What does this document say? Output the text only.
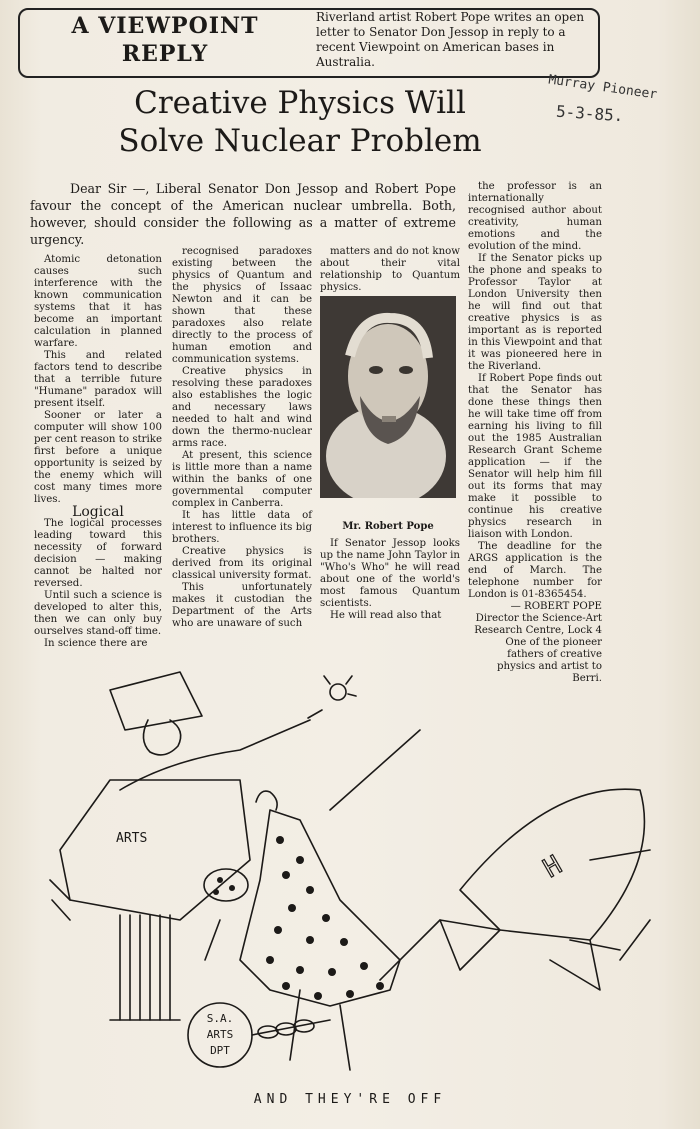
A VIEWPOINT
REPLY
Riverland artist Robert Pope writes an open letter to Senator Don Jessop in reply to a recent Viewpoint on American bases in Australia.
Murray Pioneer
5-3-85.
Creative Physics Will
Solve Nuclear Problem
Dear Sir —, Liberal Senator Don Jessop and Robert Pope favour the concept of the American nuclear umbrella. Both, however, should consider the following as a matter of extreme urgency.

Atomic detonation causes such interference with the known communication systems that it has become an important calculation in planned warfare.

This and related factors tend to describe that a terrible future "Humane" paradox will present itself.

Sooner or later a computer will show 100 per cent reason to strike first before a unique opportunity is seized by the enemy which will cost many times more lives.

Logical

The logical processes leading toward this necessity of forward decision — making cannot be halted nor reversed.

Until such a science is developed to alter this, then we can only buy ourselves stand-off time.

In science there are

recognised paradoxes existing between the physics of Quantum and the physics of Issaac Newton and it can be shown that these paradoxes also relate directly to the process of human emotion and communication systems.

Creative physics in resolving these paradoxes also establishes the logic and necessary laws needed to halt and wind down the thermo-nuclear arms race.

At present, this science is little more than a name within the banks of one governmental computer complex in Canberra.

It has little data of interest to influence its big brothers.

Creative physics is derived from its original classical university format.

This unfortunately makes it custodian the Department of the Arts who are unaware of such

matters and do not know about their vital relationship to Quantum physics.

Mr. Robert Pope

If Senator Jessop looks up the name John Taylor in "Who's Who" he will read about one of the world's most famous Quantum scientists.

He will read also that

the professor is an internationally recognised author about creativity, human emotions and the evolution of the mind.

If the Senator picks up the phone and speaks to Professor Taylor at London University then he will find out that creative physics is as important as is reported in this Viewpoint and that it was pioneered here in the Riverland.

If Robert Pope finds out that the Senator has done these things then he will take time off from earning his living to fill out the 1985 Australian Research Grant Scheme application — if the Senator will help him fill out its forms that may make it possible to continue his creative physics research in liaison with London.

The deadline for the ARGS application is the end of March. The telephone number for London is 01-8365454.

— ROBERT POPE

Director the Science-Art Research Centre, Lock 4

One of the pioneer fathers of creative physics and artist to Berri.

ARTS
S.A.
ARTS
DPT
H
AND THEY'RE OFF
